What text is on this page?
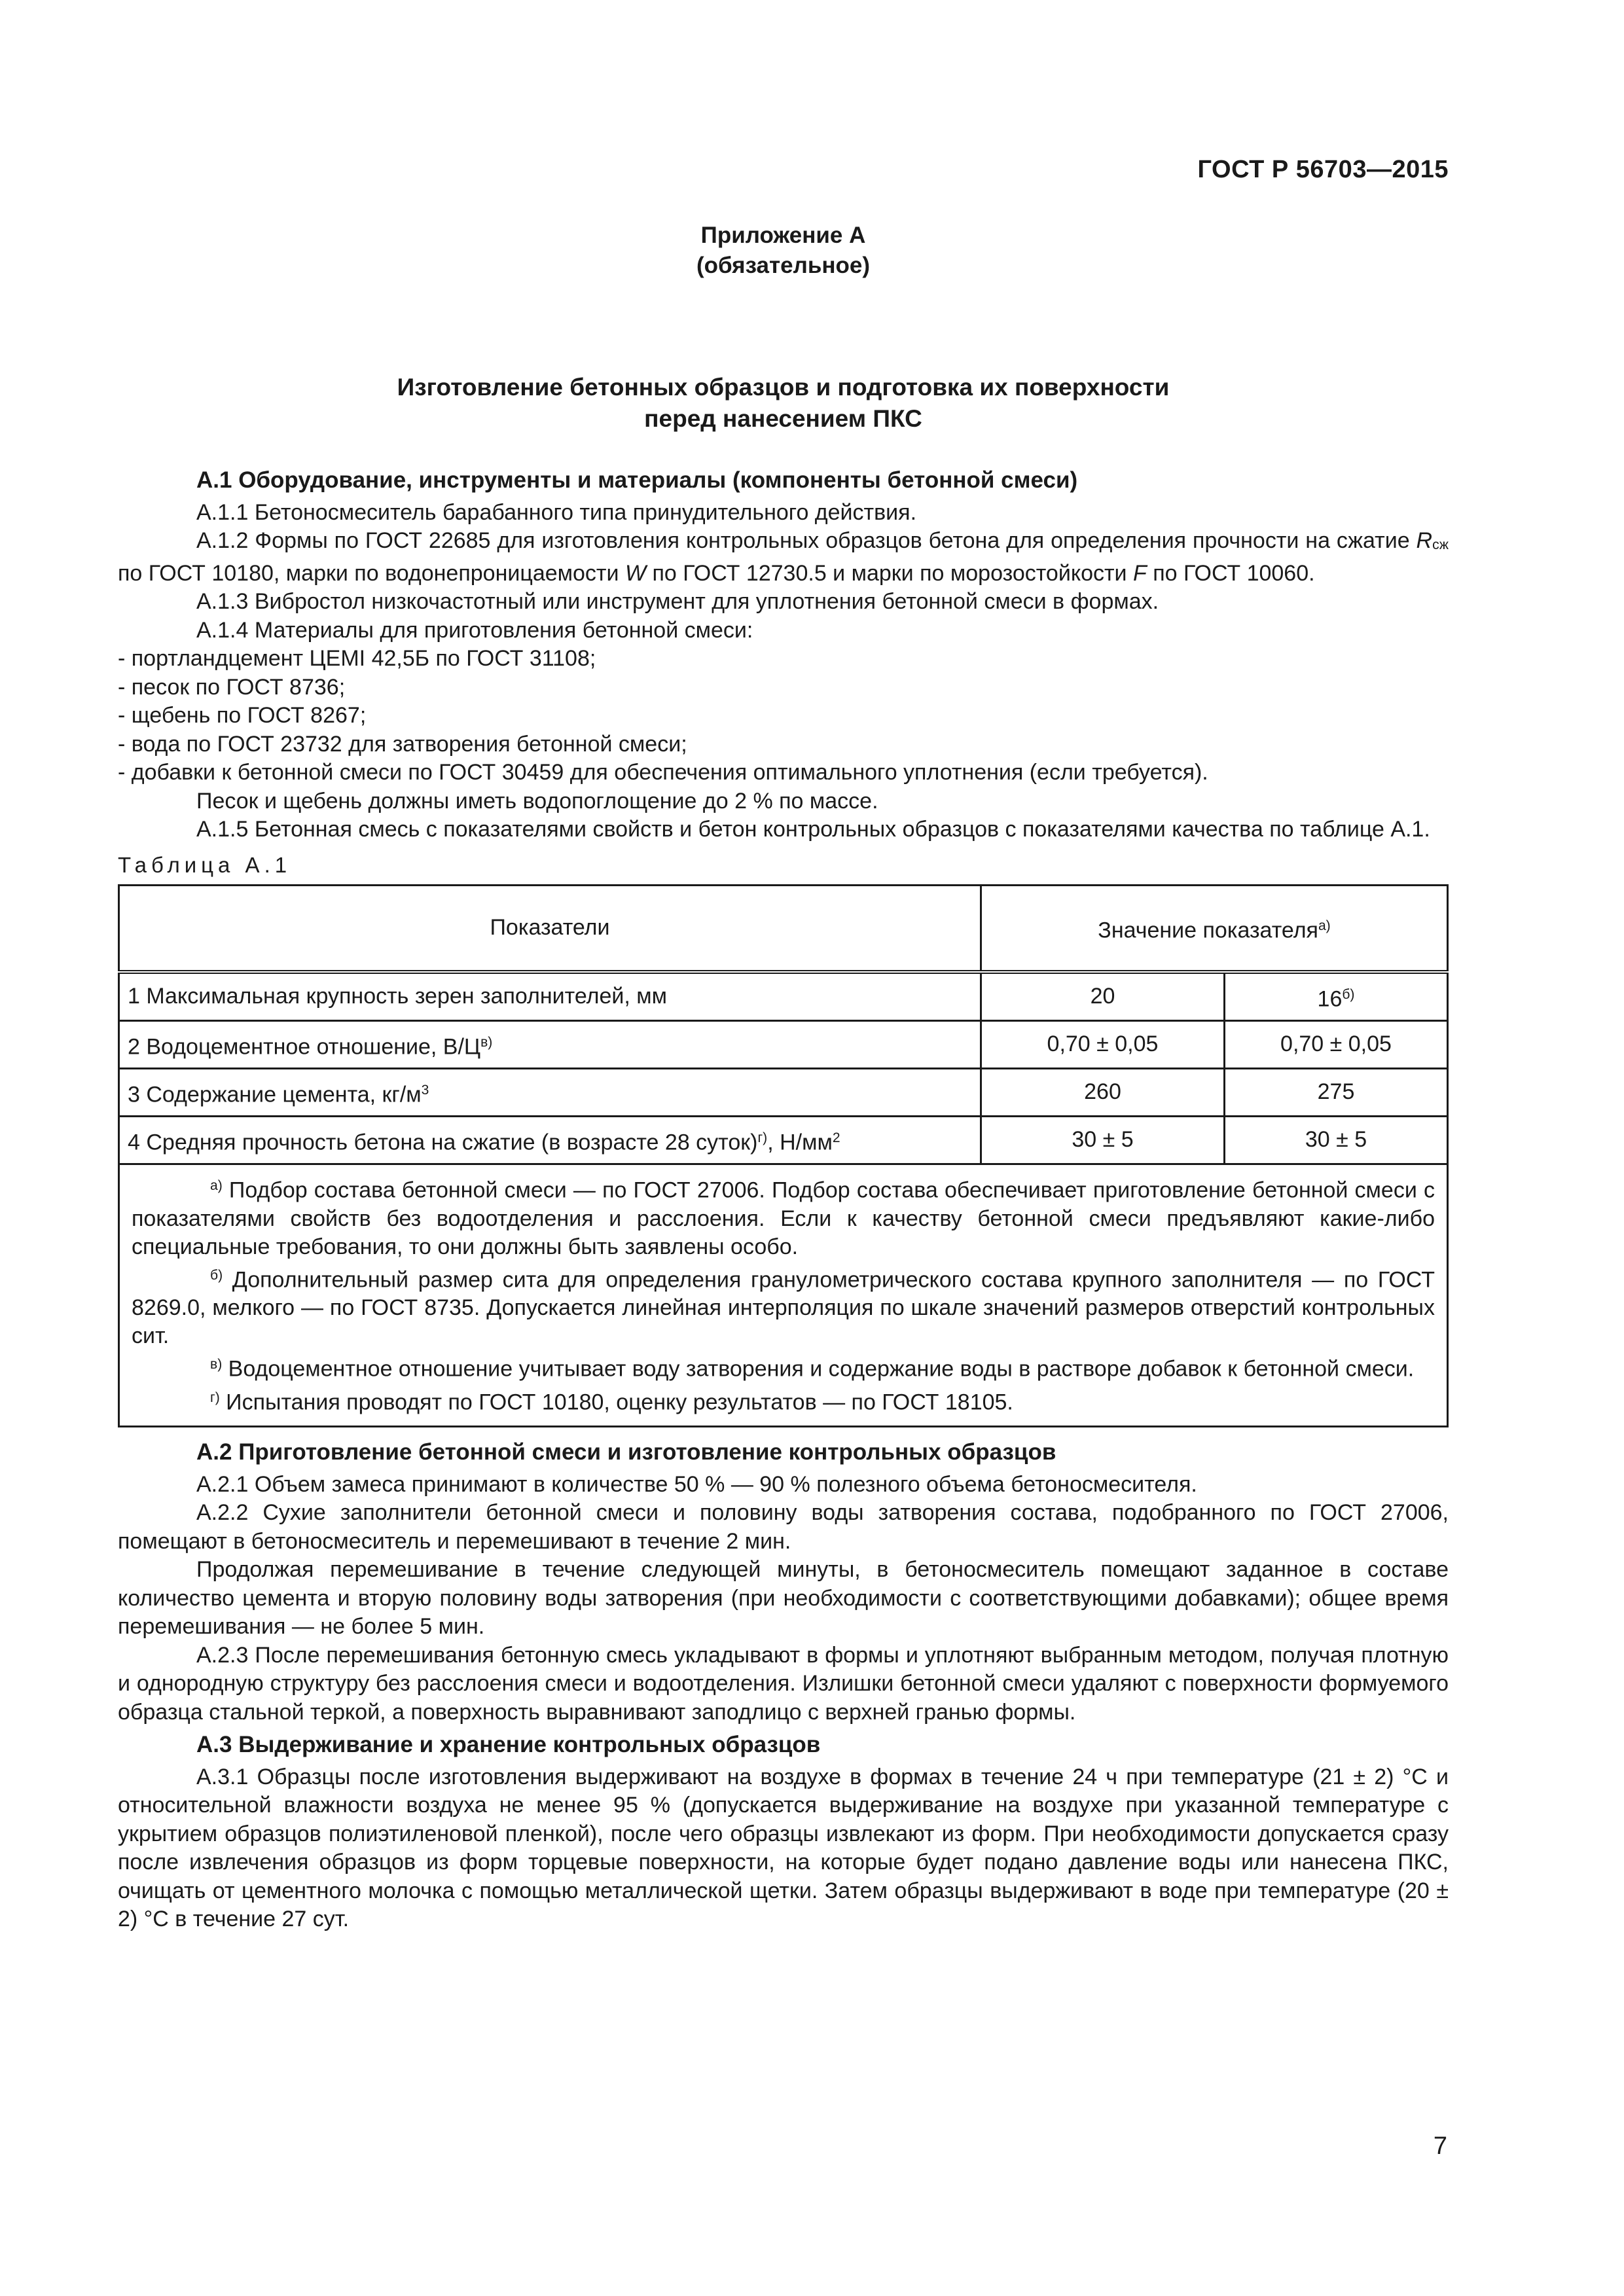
ГОСТ Р 56703—2015
Приложение А
(обязательное)
Изготовление бетонных образцов и подготовка их поверхности
перед нанесением ПКС

А.1 Оборудование, инструменты и материалы (компоненты бетонной смеси)

А.1.1 Бетоносмеситель барабанного типа принудительного действия.

А.1.2 Формы по ГОСТ 22685 для изготовления контрольных образцов бетона для определения прочности на сжатие $R_{сж}$ по ГОСТ 10180, марки по водонепроницаемости W по ГОСТ 12730.5 и марки по морозостойкости F по ГОСТ 10060.

А.1.3 Вибростол низкочастотный или инструмент для уплотнения бетонной смеси в формах.

А.1.4 Материалы для приготовления бетонной смеси:

- портландцемент ЦЕМI 42,5Б по ГОСТ 31108;

- песок по ГОСТ 8736;

- щебень по ГОСТ 8267;

- вода по ГОСТ 23732 для затворения бетонной смеси;

- добавки к бетонной смеси по ГОСТ 30459 для обеспечения оптимального уплотнения (если требуется).

Песок и щебень должны иметь водопоглощение до 2 % по массе.

А.1.5 Бетонная смесь с показателями свойств и бетон контрольных образцов с показателями качества по таблице А.1.

Таблица А.1
Показатели	Значение показателя$^{а)}$
1 Максимальная крупность зерен заполнителей, мм	20	$16^{б)}$
2 Водоцементное отношение, $В/Ц^{в)}$	0,70 ± 0,05	0,70 ± 0,05
3 Содержание цемента, $кг/м^3$	260	275
4 Средняя прочность бетона на сжатие (в возрасте 28 суток)$^{г)}$, $Н/мм^2$	30 ± 5	30 ± 5

$^{а)}$ Подбор состава бетонной смеси — по ГОСТ 27006. Подбор состава обеспечивает приготовление бетонной смеси с показателями свойств без водоотделения и расслоения. Если к качеству бетонной смеси предъявляют какие-либо специальные требования, то они должны быть заявлены особо.

$^{б)}$ Дополнительный размер сита для определения гранулометрического состава крупного заполнителя — по ГОСТ 8269.0, мелкого — по ГОСТ 8735. Допускается линейная интерполяция по шкале значений размеров отверстий контрольных сит.

$^{в)}$ Водоцементное отношение учитывает воду затворения и содержание воды в растворе добавок к бетонной смеси.

$^{г)}$ Испытания проводят по ГОСТ 10180, оценку результатов — по ГОСТ 18105.		

А.2 Приготовление бетонной смеси и изготовление контрольных образцов

А.2.1 Объем замеса принимают в количестве 50 % — 90 % полезного объема бетоносмесителя.

А.2.2 Сухие заполнители бетонной смеси и половину воды затворения состава, подобранного по ГОСТ 27006, помещают в бетоносмеситель и перемешивают в течение 2 мин.

Продолжая перемешивание в течение следующей минуты, в бетоносмеситель помещают заданное в составе количество цемента и вторую половину воды затворения (при необходимости с соответствующими добавками); общее время перемешивания — не более 5 мин.

А.2.3 После перемешивания бетонную смесь укладывают в формы и уплотняют выбранным методом, получая плотную и однородную структуру без расслоения смеси и водоотделения. Излишки бетонной смеси удаляют с поверхности формуемого образца стальной теркой, а поверхность выравнивают заподлицо с верхней гранью формы.

А.3 Выдерживание и хранение контрольных образцов

А.3.1 Образцы после изготовления выдерживают на воздухе в формах в течение 24 ч при температуре (21 ± 2) °С и относительной влажности воздуха не менее 95 % (допускается выдерживание на воздухе при указанной температуре с укрытием образцов полиэтиленовой пленкой), после чего образцы извлекают из форм. При необходимости допускается сразу после извлечения образцов из форм торцевые поверхности, на которые будет подано давление воды или нанесена ПКС, очищать от цементного молочка с помощью металлической щетки. Затем образцы выдерживают в воде при температуре (20 ± 2) °С в течение 27 сут.

7
